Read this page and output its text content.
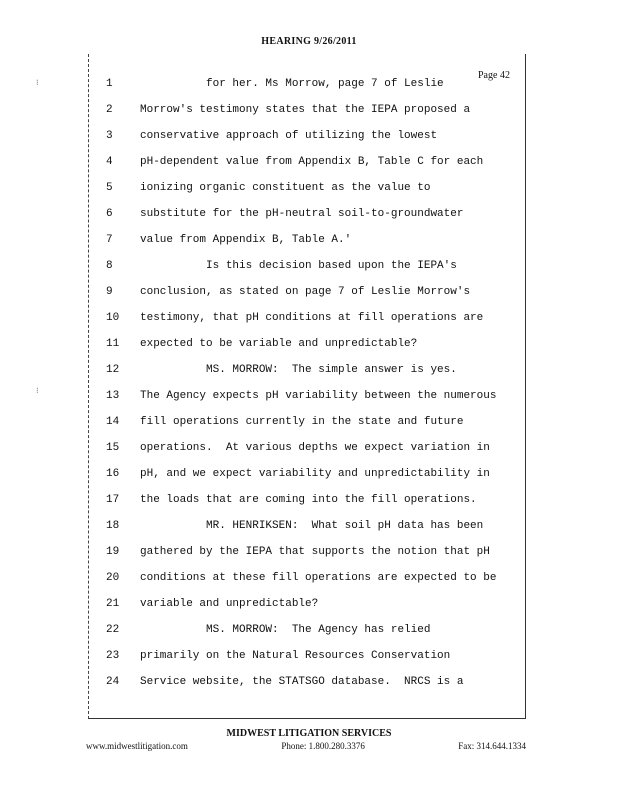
HEARING 9/26/2011
Page 42
1          for her. Ms Morrow, page 7 of Leslie
2 Morrow's testimony states that the IEPA proposed a
3 conservative approach of utilizing the lowest
4 pH-dependent value from Appendix B, Table C for each
5 ionizing organic constituent as the value to
6 substitute for the pH-neutral soil-to-groundwater
7 value from Appendix B, Table A.'
8          Is this decision based upon the IEPA's
9 conclusion, as stated on page 7 of Leslie Morrow's
10 testimony, that pH conditions at fill operations are
11 expected to be variable and unpredictable?
12          MS. MORROW:  The simple answer is yes.
13 The Agency expects pH variability between the numerous
14 fill operations currently in the state and future
15 operations.  At various depths we expect variation in
16 pH, and we expect variability and unpredictability in
17 the loads that are coming into the fill operations.
18          MR. HENRIKSEN:  What soil pH data has been
19 gathered by the IEPA that supports the notion that pH
20 conditions at these fill operations are expected to be
21 variable and unpredictable?
22          MS. MORROW:  The Agency has relied
23 primarily on the Natural Resources Conservation
24 Service website, the STATSGO database.  NRCS is a
⁝
⁝
MIDWEST LITIGATION SERVICES
www.midwestlitigation.com	Phone: 1.800.280.3376	Fax: 314.644.1334
